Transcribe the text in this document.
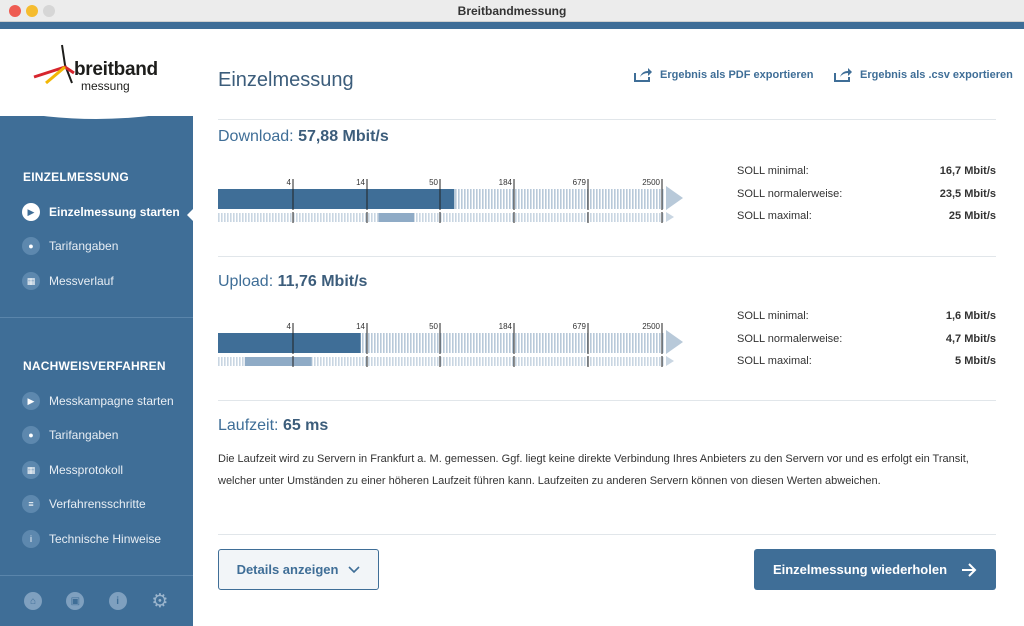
Breitbandmessung
breitband
messung
EINZELMESSUNG
▶	Einzelmessung starten
●	Tarifangaben
▦	Messverlauf
NACHWEISVERFAHREN
▶	Messkampagne starten
●	Tarifangaben
▦	Messprotokoll
≡	Verfahrensschritte
i	Technische Hinweise
⌂	▣	i	⚙
Einzelmessung	Ergebnis als PDF exportieren	Ergebnis als .csv exportieren
Download: 57,88 Mbit/s
4	14	50	184	679	2500
SOLL minimal:	16,7 Mbit/s
SOLL normalerweise:	23,5 Mbit/s
SOLL maximal:	25 Mbit/s
Upload: 11,76 Mbit/s
4	14	50	184	679	2500
SOLL minimal:	1,6 Mbit/s
SOLL normalerweise:	4,7 Mbit/s
SOLL maximal:	5 Mbit/s
Laufzeit: 65 ms
Die Laufzeit wird zu Servern in Frankfurt a. M. gemessen. Ggf. liegt keine direkte Verbindung Ihres Anbieters zu den Servern vor und es erfolgt ein Transit, welcher unter Umständen zu einer höheren Laufzeit führen kann. Laufzeiten zu anderen Servern können von diesen Werten abweichen.
Details anzeigen	Einzelmessung wiederholen
